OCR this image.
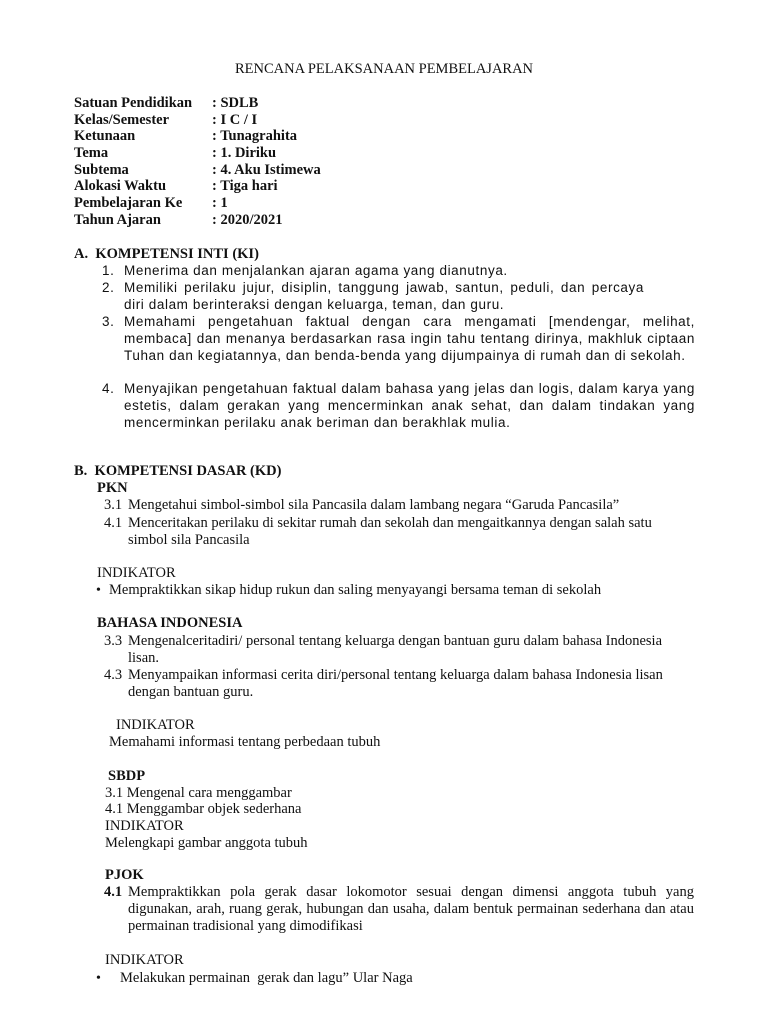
RENCANA PELAKSANAAN PEMBELAJARAN
Satuan Pendidikan : SDLB
Kelas/Semester	: I C / I
Ketunaan	: Tunagrahita
Tema	: 1. Diriku
Subtema	: 4. Aku Istimewa
Alokasi Waktu	: Tiga hari
Pembelajaran Ke : 1
Tahun Ajaran	: 2020/2021
A.  KOMPETENSI INTI (KI)
1. Menerima dan menjalankan ajaran agama yang dianutnya.
2. Memiliki perilaku jujur, disiplin, tanggung jawab, santun, peduli, dan percaya diri dalam berinteraksi dengan keluarga, teman, dan guru.
3. Memahami pengetahuan faktual dengan cara mengamati [mendengar, melihat, membaca] dan menanya berdasarkan rasa ingin tahu tentang dirinya, makhluk ciptaan Tuhan dan kegiatannya, dan benda-benda yang dijumpainya di rumah dan di sekolah.
4. Menyajikan pengetahuan faktual dalam bahasa yang jelas dan logis, dalam karya yang estetis, dalam gerakan yang mencerminkan anak sehat, dan dalam tindakan yang mencerminkan perilaku anak beriman dan berakhlak mulia.
B.  KOMPETENSI DASAR (KD)
PKN
3.1 Mengetahui simbol-simbol sila Pancasila dalam lambang negara “Garuda Pancasila”
4.1 Menceritakan perilaku di sekitar rumah dan sekolah dan mengaitkannya dengan salah satu
simbol sila Pancasila
INDIKATOR
• Mempraktikkan sikap hidup rukun dan saling menyayangi bersama teman di sekolah
BAHASA INDONESIA
3.3 Mengenalceritadiri/ personal tentang keluarga dengan bantuan guru dalam bahasa Indonesia
lisan.
4.3 Menyampaikan informasi cerita diri/personal tentang keluarga dalam bahasa Indonesia lisan
dengan bantuan guru.
INDIKATOR
Memahami informasi tentang perbedaan tubuh
SBDP
3.1 Mengenal cara menggambar
4.1 Menggambar objek sederhana
INDIKATOR
Melengkapi gambar anggota tubuh
PJOK
4.1 Mempraktikkan pola gerak dasar lokomotor sesuai dengan dimensi anggota tubuh yang digunakan, arah, ruang gerak, hubungan dan usaha, dalam bentuk permainan sederhana dan atau permainan tradisional yang dimodifikasi
INDIKATOR
• Melakukan permainan  gerak dan lagu” Ular Naga
